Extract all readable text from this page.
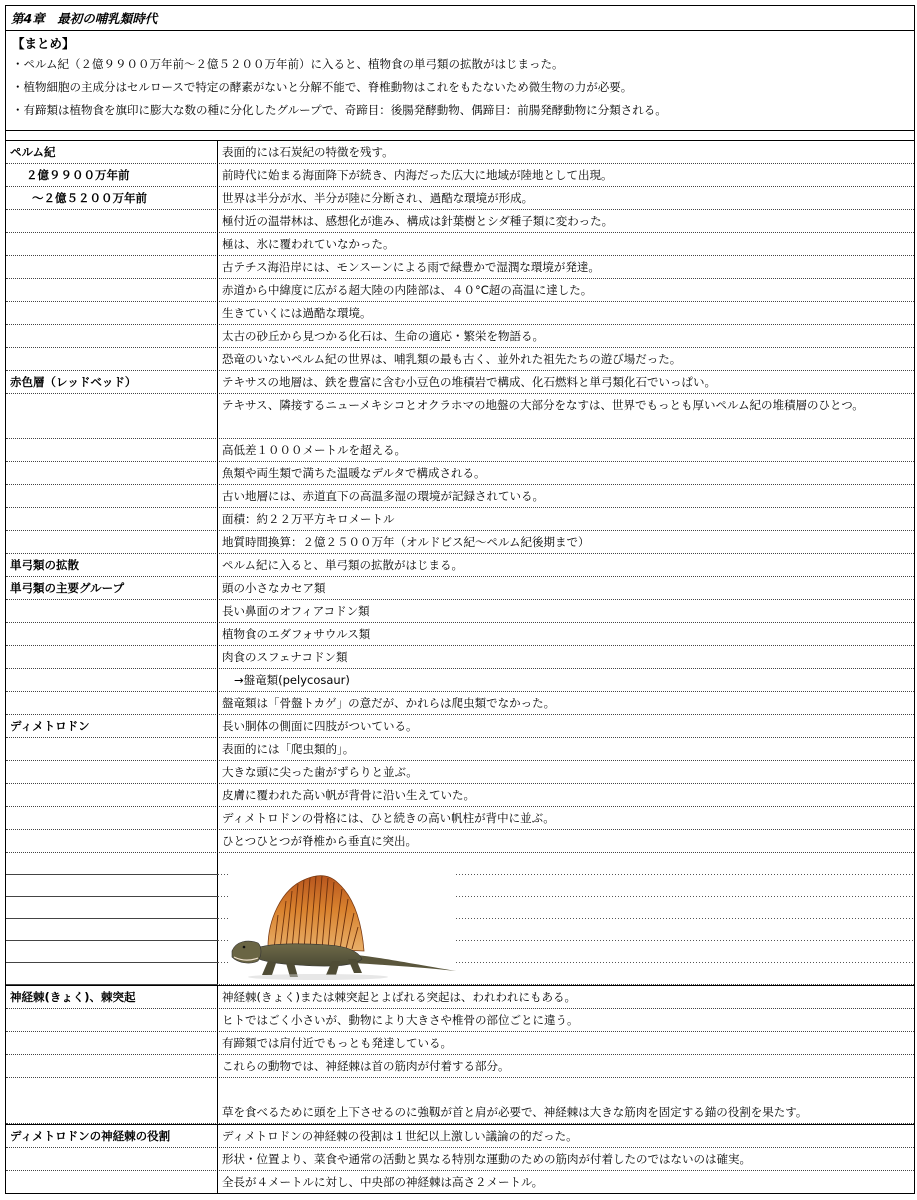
第4章　最初の哺乳類時代
【まとめ】
・ペルム紀（２億９９００万年前〜２億５２００万年前）に入ると、植物食の単弓類の拡散がはじまった。
・植物細胞の主成分はセルロースで特定の酵素がないと分解不能で、脊椎動物はこれをもたないため微生物の力が必要。
・有蹄類は植物食を旗印に膨大な数の種に分化したグループで、奇蹄目：後腸発酵動物、偶蹄目：前腸発酵動物に分類される。
ペルム紀	表面的には石炭紀の特徴を残す。
２億９９００万年前	前時代に始まる海面降下が続き、内海だった広大に地域が陸地として出現。
〜２億５２００万年前	世界は半分が水、半分が陸に分断され、過酷な環境が形成。
極付近の温帯林は、感想化が進み、構成は針葉樹とシダ種子類に変わった。
極は、氷に覆われていなかった。
古テチス海沿岸には、モンスーンによる雨で緑豊かで湿潤な環境が発達。
赤道から中緯度に広がる超大陸の内陸部は、４０°C超の高温に達した。
生きていくには過酷な環境。
太古の砂丘から見つかる化石は、生命の適応・繁栄を物語る。
恐竜のいないペルム紀の世界は、哺乳類の最も古く、並外れた祖先たちの遊び場だった。
赤色層（レッドベッド）	テキサスの地層は、鉄を豊富に含む小豆色の堆積岩で構成、化石燃料と単弓類化石でいっぱい。
テキサス、隣接するニューメキシコとオクラホマの地盤の大部分をなすは、世界でもっとも厚いペルム紀の堆積層のひとつ。
高低差１０００メートルを超える。
魚類や両生類で満ちた温暖なデルタで構成される。
古い地層には、赤道直下の高温多湿の環境が記録されている。
面積：約２２万平方キロメートル
地質時間換算：２億２５００万年（オルドビス紀〜ペルム紀後期まで）
単弓類の拡散	ペルム紀に入ると、単弓類の拡散がはじまる。
単弓類の主要グループ	頭の小さなカセア類
長い鼻面のオフィアコドン類
植物食のエダフォサウルス類
肉食のスフェナコドン類
→盤竜類(pelycosaur)
盤竜類は「骨盤トカゲ」の意だが、かれらは爬虫類でなかった。
ディメトロドン	長い胴体の側面に四肢がついている。
表面的には「爬虫類的」。
大きな頭に尖った歯がずらりと並ぶ。
皮膚に覆われた高い帆が背骨に沿い生えていた。
ディメトロドンの骨格には、ひと続きの高い帆柱が背中に並ぶ。
ひとつひとつが脊椎から垂直に突出。
神経棘(きょく)、棘突起	神経棘(きょく)または棘突起とよばれる突起は、われわれにもある。
ヒトではごく小さいが、動物により大きさや椎骨の部位ごとに違う。
有蹄類では肩付近でもっとも発達している。
これらの動物では、神経棘は首の筋肉が付着する部分。
草を食べるために頭を上下させるのに強靱が首と肩が必要で、神経棘は大きな筋肉を固定する錨の役割を果たす。
ディメトロドンの神経棘の役割	ディメトロドンの神経棘の役割は１世紀以上激しい議論の的だった。
形状・位置より、菜食や通常の活動と異なる特別な運動のための筋肉が付着したのではないのは確実。
全長が４メートルに対し、中央部の神経棘は高さ２メートル。
